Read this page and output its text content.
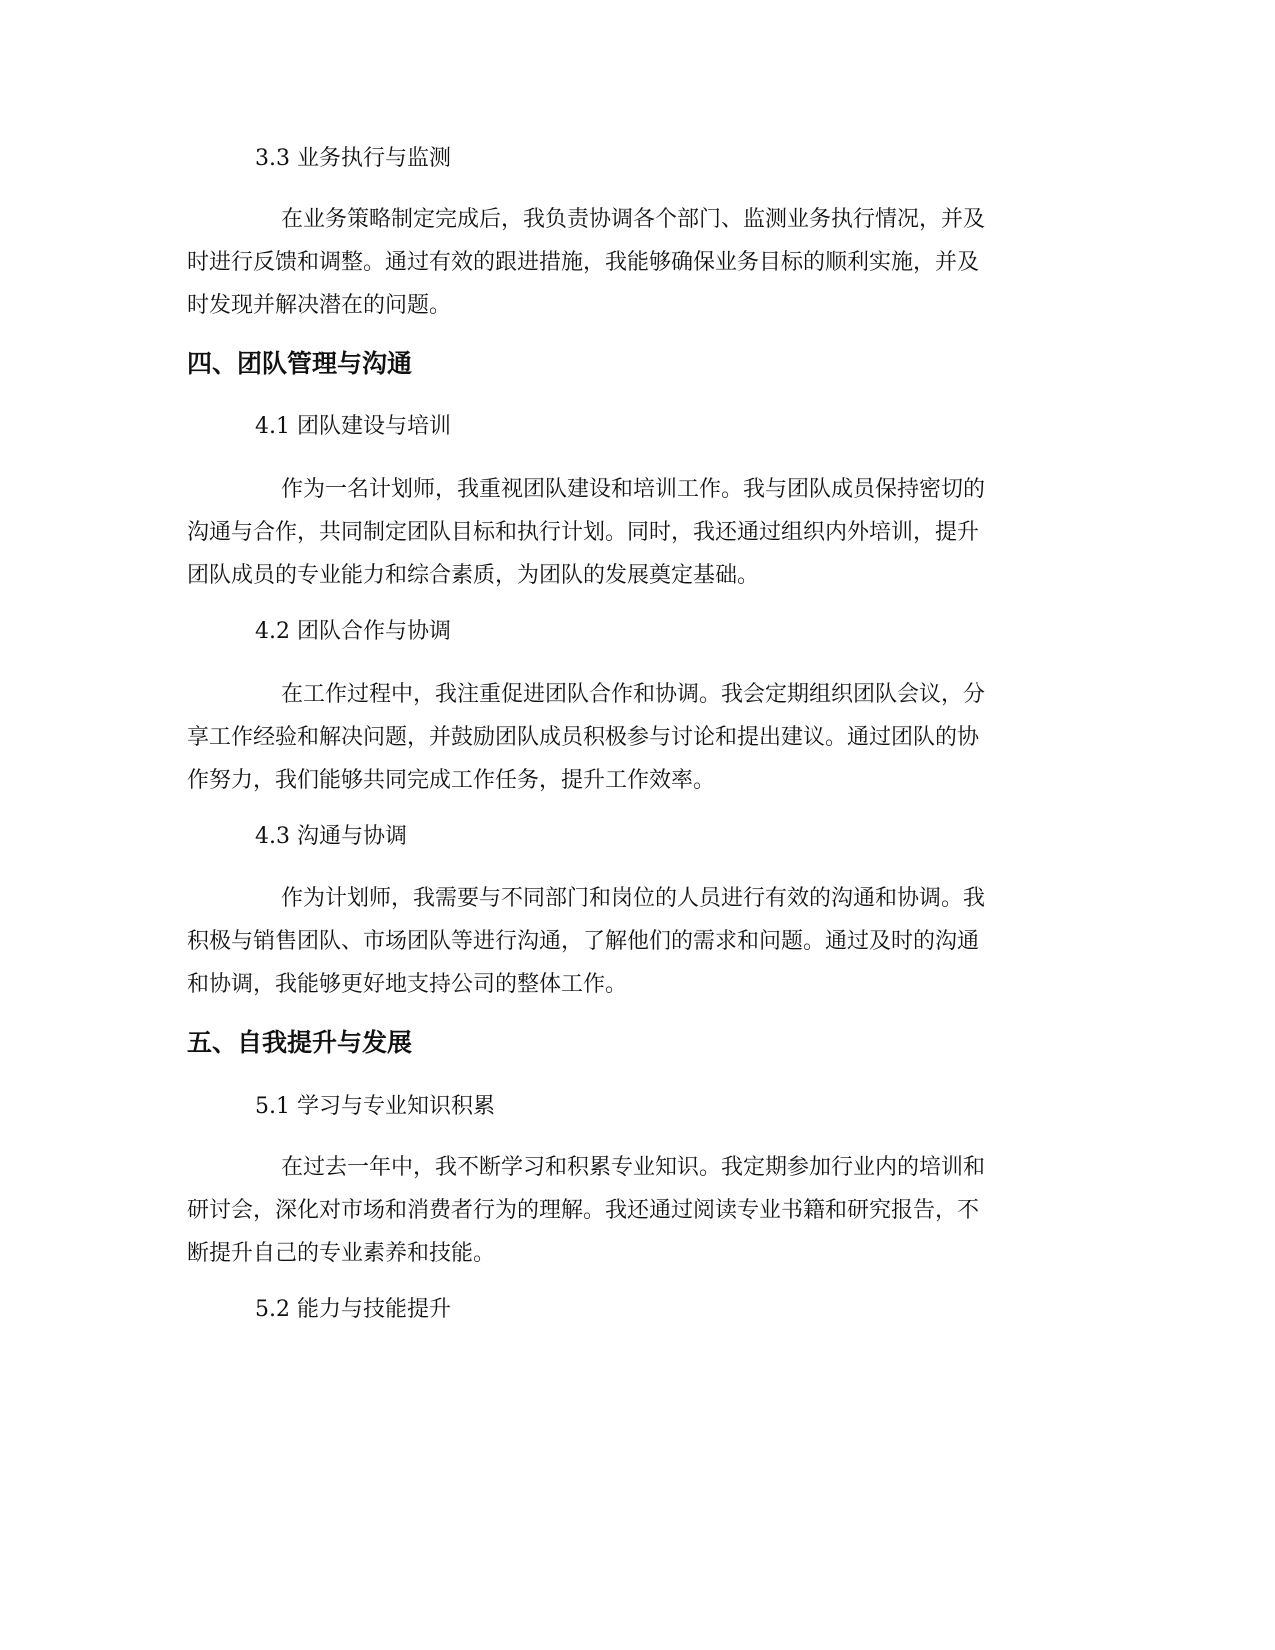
3.3 业务执行与监测
在业务策略制定完成后，我负责协调各个部门、监测业务执行情况，并及
时进行反馈和调整。通过有效的跟进措施，我能够确保业务目标的顺利实施，并及
时发现并解决潜在的问题。
四、团队管理与沟通
4.1 团队建设与培训
作为一名计划师，我重视团队建设和培训工作。我与团队成员保持密切的
沟通与合作，共同制定团队目标和执行计划。同时，我还通过组织内外培训，提升
团队成员的专业能力和综合素质，为团队的发展奠定基础。
4.2 团队合作与协调
在工作过程中，我注重促进团队合作和协调。我会定期组织团队会议，分
享工作经验和解决问题，并鼓励团队成员积极参与讨论和提出建议。通过团队的协
作努力，我们能够共同完成工作任务，提升工作效率。
4.3 沟通与协调
作为计划师，我需要与不同部门和岗位的人员进行有效的沟通和协调。我
积极与销售团队、市场团队等进行沟通，了解他们的需求和问题。通过及时的沟通
和协调，我能够更好地支持公司的整体工作。
五、自我提升与发展
5.1 学习与专业知识积累
在过去一年中，我不断学习和积累专业知识。我定期参加行业内的培训和
研讨会，深化对市场和消费者行为的理解。我还通过阅读专业书籍和研究报告，不
断提升自己的专业素养和技能。
5.2 能力与技能提升
